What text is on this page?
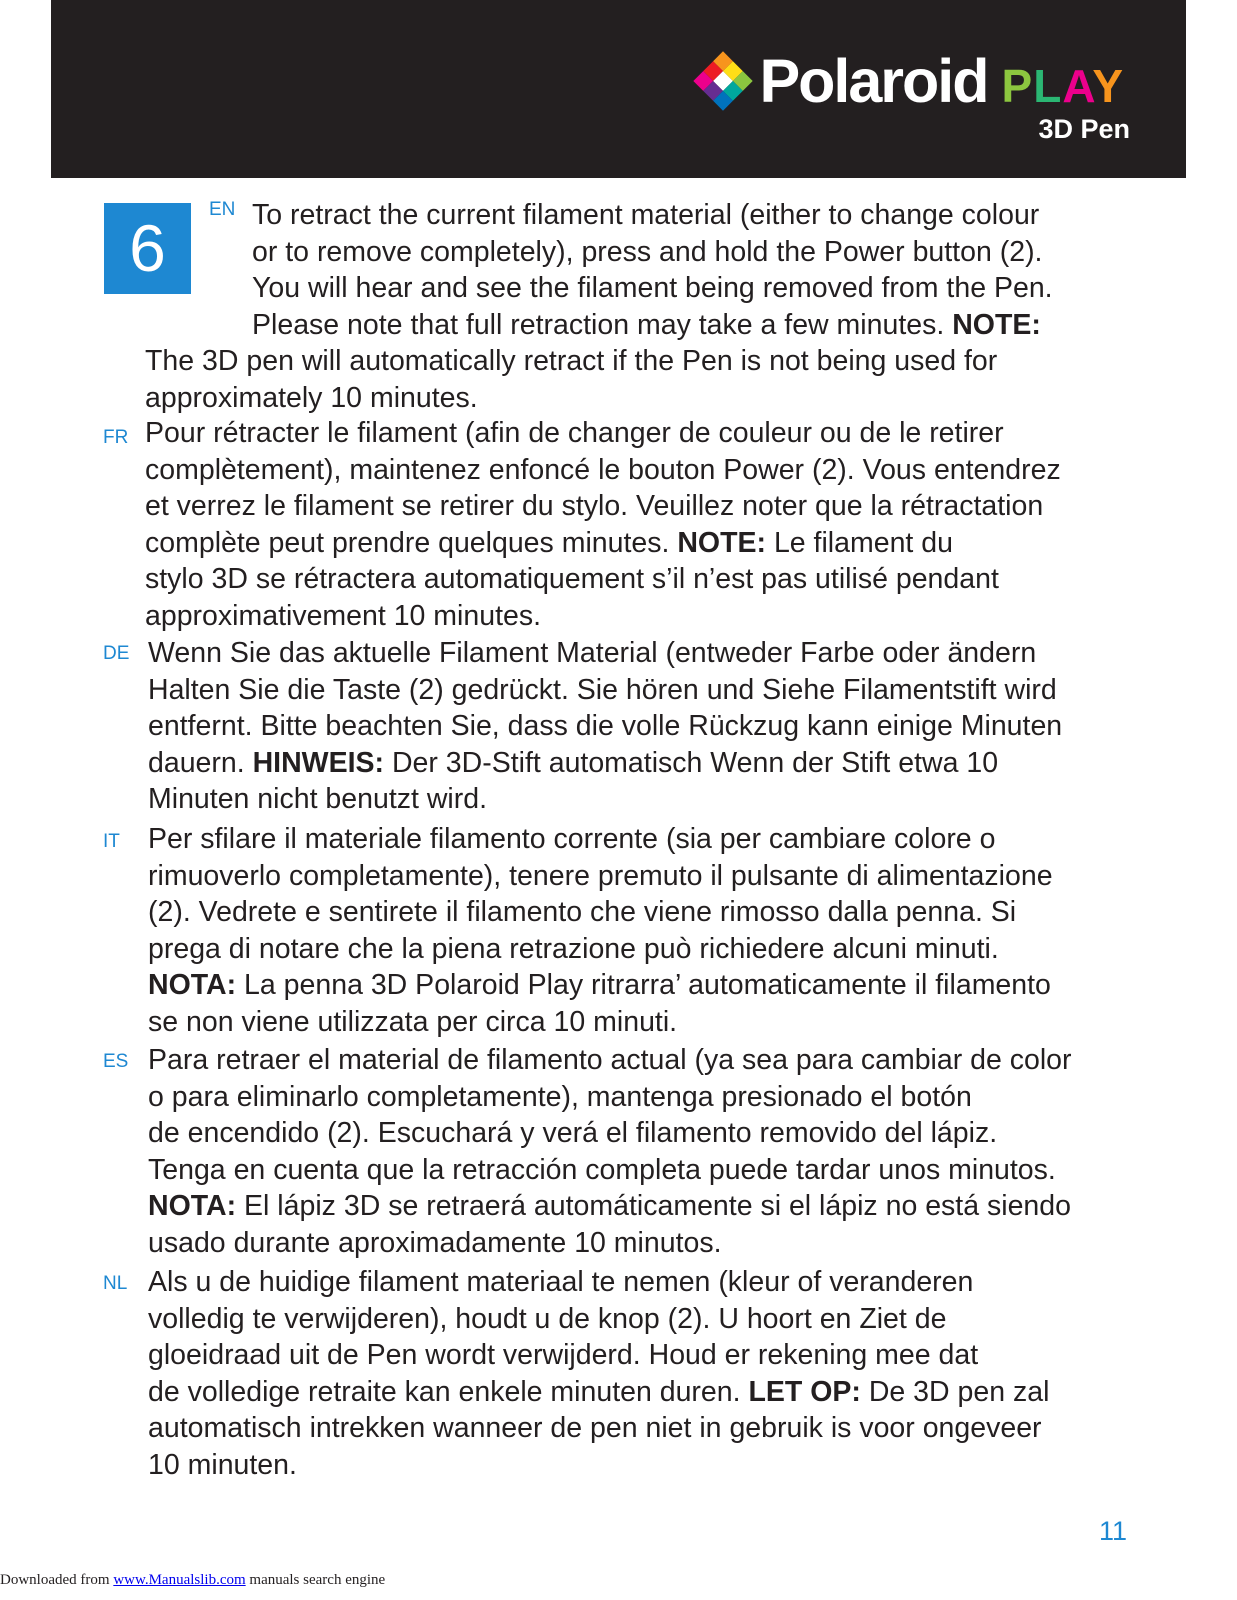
Polaroid PLAY
3D Pen
6
EN To retract the current filament material (either to change colour
or to remove completely), press and hold the Power button (2).
You will hear and see the filament being removed from the Pen.
Please note that full retraction may take a few minutes. NOTE:
The 3D pen will automatically retract if the Pen is not being used for
approximately 10 minutes.
FR Pour rétracter le filament (afin de changer de couleur ou de le retirer
complètement), maintenez enfoncé le bouton Power (2). Vous entendrez
et verrez le filament se retirer du stylo. Veuillez noter que la rétractation
complète peut prendre quelques minutes. NOTE: Le filament du
stylo 3D se rétractera automatiquement s’il n’est pas utilisé pendant
approximativement 10 minutes.
DE Wenn Sie das aktuelle Filament Material (entweder Farbe oder ändern
Halten Sie die Taste (2) gedrückt. Sie hören und Siehe Filamentstift wird
entfernt. Bitte beachten Sie, dass die volle Rückzug kann einige Minuten
dauern. HINWEIS: Der 3D-Stift automatisch Wenn der Stift etwa 10
Minuten nicht benutzt wird.
IT Per sfilare il materiale filamento corrente (sia per cambiare colore o
rimuoverlo completamente), tenere premuto il pulsante di alimentazione
(2). Vedrete e sentirete il filamento che viene rimosso dalla penna. Si
prega di notare che la piena retrazione può richiedere alcuni minuti.
NOTA: La penna 3D Polaroid Play ritrarra’ automaticamente il filamento
se non viene utilizzata per circa 10 minuti.
ES Para retraer el material de filamento actual (ya sea para cambiar de color
o para eliminarlo completamente), mantenga presionado el botón
de encendido (2). Escuchará y verá el filamento removido del lápiz.
Tenga en cuenta que la retracción completa puede tardar unos minutos.
NOTA: El lápiz 3D se retraerá automáticamente si el lápiz no está siendo
usado durante aproximadamente 10 minutos.
NL Als u de huidige filament materiaal te nemen (kleur of veranderen
volledig te verwijderen), houdt u de knop (2). U hoort en Ziet de
gloeidraad uit de Pen wordt verwijderd. Houd er rekening mee dat
de volledige retraite kan enkele minuten duren. LET OP: De 3D pen zal
automatisch intrekken wanneer de pen niet in gebruik is voor ongeveer
10 minuten.
11
Downloaded from www.Manualslib.com manuals search engine
